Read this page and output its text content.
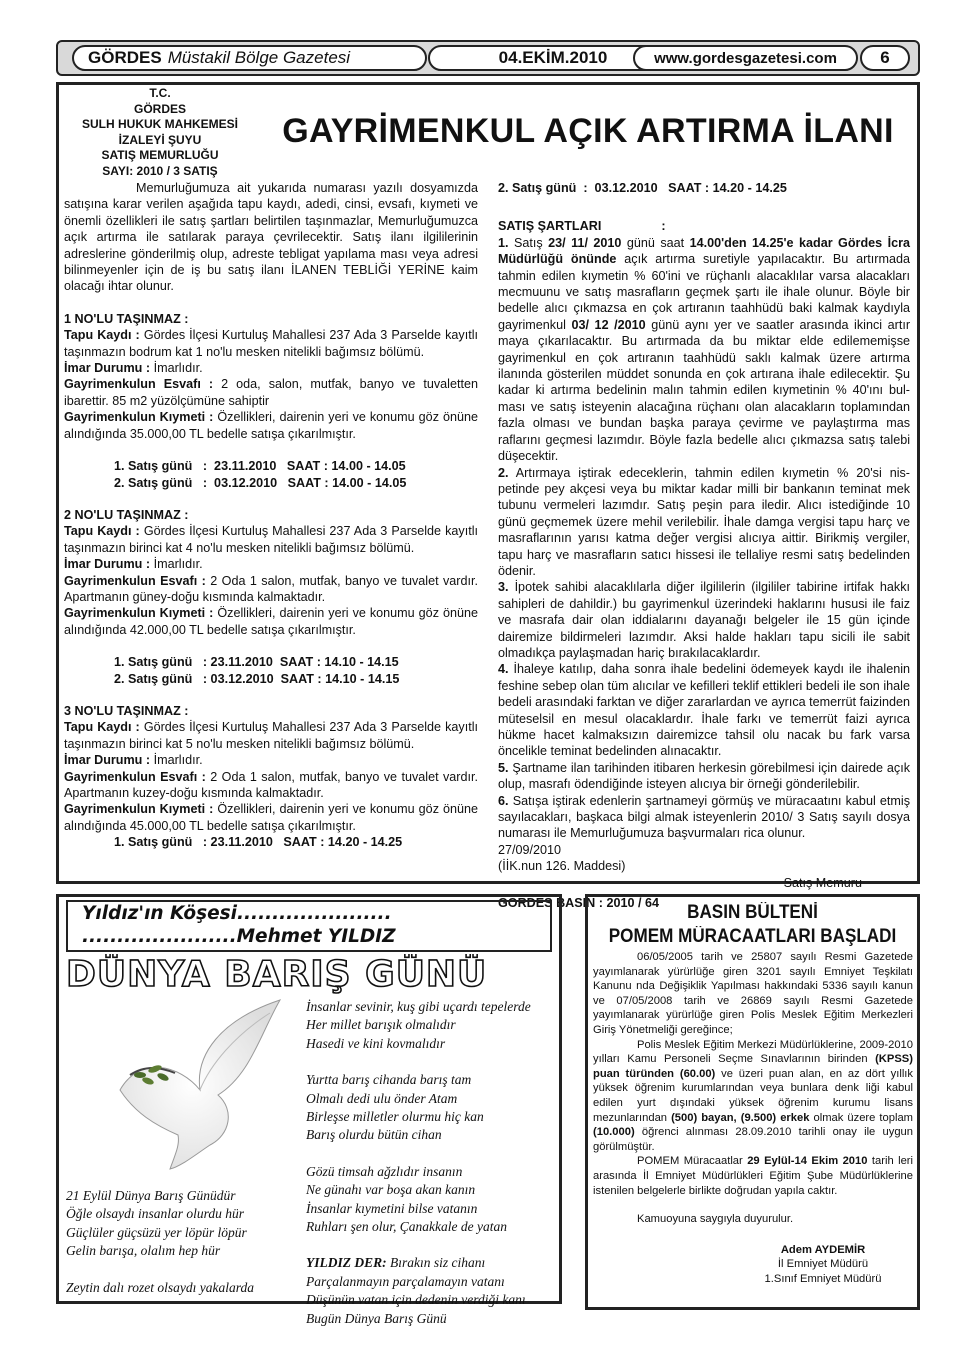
GÖRDES Müstakil Bölge Gazetesi	04.EKİM.2010	www.gordesgazetesi.com	6
T.C.
GÖRDES
SULH HUKUK MAHKEMESİ
İZALEYİ ŞUYU
SATIŞ MEMURLUĞU
SAYI: 2010 / 3 SATIŞ
GAYRİMENKUL AÇIK ARTIRMA İLANI

Memurluğumuza ait yukarıda numarası yazılı dosyamızda satışına karar verilen aşağıda tapu kaydı, adedi, cinsi, evsafı, kıymeti ve önemli özellikleri ile satış şartları belirtilen taşınmazlar, Memurluğumuzca açık artırma ile satılarak paraya çevrilecektir. Satış ilanı ilgililerinin adreslerine gönderilmiş olup, adreste tebligat yapılama ması veya adresi bilinmeyenler için de iş bu satış ilanı İLANEN TEBLİĞİ YERİNE kaim olacağı ihtar olunur.

1 NO'LU TAŞINMAZ :

Tapu Kaydı : Gördes İlçesi Kurtuluş Mahallesi 237 Ada 3 Parselde kayıtlı taşınmazın bodrum kat 1 no'lu mesken nitelikli bağımsız bölümü.

İmar Durumu : İmarlıdır.

Gayrimenkulun Esvafı : 2 oda, salon, mutfak, banyo ve tuvaletten ibarettir. 85 m2 yüzölçümüne sahiptir

Gayrimenkulun Kıymeti : Özellikleri, dairenin yeri ve konumu göz önüne alındığında 35.000,00 TL bedelle satışa çıkarılmıştır.

1. Satış günü   :  23.11.2010   SAAT : 14.00 - 14.05

2. Satış günü   :  03.12.2010   SAAT : 14.00 - 14.05

2 NO'LU TAŞINMAZ :

Tapu Kaydı : Gördes İlçesi Kurtuluş Mahallesi 237 Ada 3 Parselde kayıtlı taşınmazın birinci kat 4 no'lu mesken nitelikli bağımsız bölümü.

İmar Durumu : İmarlıdır.

Gayrimenkulun Esvafı : 2 Oda 1 salon, mutfak, banyo ve tuvalet vardır. Apartmanın güney-doğu kısmında kalmaktadır.

Gayrimenkulun Kıymeti : Özellikleri, dairenin yeri ve konumu göz önüne alındığında 42.000,00 TL bedelle satışa çıkarılmıştır.

1. Satış günü   : 23.11.2010  SAAT : 14.10 - 14.15

2. Satış günü   : 03.12.2010  SAAT : 14.10 - 14.15

3 NO'LU TAŞINMAZ :

Tapu Kaydı : Gördes İlçesi Kurtuluş Mahallesi 237 Ada 3 Parselde kayıtlı taşınmazın birinci kat 5 no'lu mesken nitelikli bağımsız bölümü.

İmar Durumu : İmarlıdır.

Gayrimenkulun Esvafı : 2 Oda 1 salon, mutfak, banyo ve tuvalet vardır. Apartmanın kuzey-doğu kısmında kalmaktadır.

Gayrimenkulun Kıymeti : Özellikleri, dairenin yeri ve konumu göz önüne alındığında 45.000,00 TL bedelle satışa çıkarılmıştır.

1. Satış günü   : 23.11.2010   SAAT : 14.20 - 14.25

2. Satış günü  :  03.12.2010   SAAT : 14.20 - 14.25

SATIŞ ŞARTLARI	:

1. Satış 23/ 11/ 2010 günü saat 14.00'den 14.25'e kadar Gördes İcra Müdürlüğü önünde açık artırma suretiyle yapılacaktır. Bu artırmada tahmin edilen kıymetin % 60'ini ve rüçhanlı alacaklılar varsa alacakları mecmuunu ve satış masrafların geçmek şartı ile ihale olunur. Böyle bir bedelle alıcı çıkmazsa en çok artıranın taahhüdü baki kalmak kaydıyla gayrimenkul 03/ 12 /2010 günü aynı yer ve saatler arasında ikinci artır maya çıkarılacaktır. Bu artırmada da bu miktar elde edilememişse gayrimenkul en çok artıranın taahhüdü saklı kalmak üzere artırma ilanında gösterilen müddet sonunda en çok artırana ihale edilecektir. Şu kadar ki artırma bedelinin malın tahmin edilen kıymetinin % 40'ını bul- ması ve satış isteyenin alacağına rüçhanı olan alacakların toplamından fazla olması ve bundan başka paraya çevirme ve paylaştırma mas raflarını geçmesi lazımdır. Böyle fazla bedelle alıcı çıkmazsa satış talebi düşecektir.

2. Artırmaya iştirak edeceklerin, tahmin edilen kıymetin % 20'si nis- petinde pey akçesi veya bu miktar kadar milli bir bankanın teminat mek tubunu vermeleri lazımdır. Satış peşin para iledir. Alıcı istediğinde 10 günü geçmemek üzere mehil verilebilir. İhale damga vergisi tapu harç ve masraflarının yarısı katma değer vergisi alıcıya aittir. Birikmiş vergiler, tapu harç ve masrafların satıcı hissesi ile tellaliye resmi satış bedelinden ödenir.

3. İpotek sahibi alacaklılarla diğer ilgililerin (ilgililer tabirine irtifak hakkı sahipleri de dahildir.) bu gayrimenkul üzerindeki haklarını hususi ile faiz ve masrafa dair olan iddialarını dayanağı belgeler ile 15 gün içinde dairemize bildirmeleri lazımdır. Aksi halde hakları tapu sicili ile sabit olmadıkça paylaşmadan hariç bırakılacaklardır.

4. İhaleye katılıp, daha sonra ihale bedelini ödemeyek kaydı ile ihalenin feshine sebep olan tüm alıcılar ve kefilleri teklif ettikleri bedeli ile son ihale bedeli arasındaki farktan ve diğer zararlardan ve ayrıca temerrüt faizinden müteselsil en mesul olacaklardır. İhale farkı ve temerrüt faizi ayrıca hükme hacet kalmaksızın dairemizce tahsil olu nacak bu fark varsa öncelikle teminat bedelinden alınacaktır.

5. Şartname ilan tarihinden itibaren herkesin görebilmesi için dairede açık olup, masrafı ödendiğinde isteyen alıcıya bir örneği gönderilebilir.

6. Satışa iştirak edenlerin şartnameyi görmüş ve müracaatını kabul etmiş sayılacakları, başkaca bilgi almak isteyenlerin 2010/ 3 Satış sayılı dosya numarası ile Memurluğumuza başvurmaları rica olunur.

27/09/2010

(İİK.nun 126. Maddesi)

Satış Memuru

GÖRDES BASIN : 2010 / 64

Yıldız'ın Köşesi......................
......................Mehmet YILDIZ
DÜNYA BARIŞ GÜNÜ

İnsanlar sevinir, kuş gibi uçardı tepelerde

Her millet barışık olmalıdır

Hasedi ve kini kovmalıdır

Yurtta barış cihanda barış tam

Olmalı dedi ulu önder Atam

Birleşse milletler olurmu hiç kan

Barış olurdu bütün cihan

Gözü timsah ağzlıdır insanın

Ne günahı var boşa akan kanın

İnsanlar kıymetini bilse vatanın

Ruhları şen olur, Çanakkale de yatan

YILDIZ DER: Bırakın siz cihanı

Parçalanmayın parçalamayın vatanı

Düşünün vatan için dedenin verdiği kanı

Bugün Dünya Barış Günü

21 Eylül Dünya Barış Günüdür

Öğle olsaydı insanlar olurdu hür

Güçlüler güçsüzü yer löpür löpür

Gelin barışa, olalım hep hür

Zeytin dalı rozet olsaydı yakalarda

BASIN BÜLTENİ
POMEM MÜRACAATLARI BAŞLADI

06/05/2005 tarih ve 25807 sayılı Resmi Gazetede yayımlanarak yürürlüğe giren 3201 sayılı Emniyet Teşkilatı Kanunu nda Değişiklik Yapılması hakkındaki 5336 sayılı kanun ve 07/05/2008 tarih ve 26869 sayılı Resmi Gazetede yayımlanarak yürürlüğe giren Polis Meslek Eğitim Merkezleri Giriş Yönetmeliği gereğince;

Polis Meslek Eğitim Merkezi Müdürlüklerine, 2009-2010 yılları Kamu Personeli Seçme Sınavlarının birinden (KPSS) puan türünden (60.00) ve üzeri puan alan, en az dört yıllık yüksek öğrenim kurumlarından veya bunlara denk liği kabul edilen yurt dışındaki yüksek öğrenim kurumu lisans mezunlarından (500) bayan, (9.500) erkek olmak üzere toplam (10.000) öğrenci alınması 28.09.2010 tarihli onay ile uygun görülmüştür.

POMEM Müracaatlar 29 Eylül-14 Ekim 2010 tarih leri arasında İl Emniyet Müdürlükleri Eğitim Şube Müdürlüklerine istenilen belgelerle birlikte doğrudan yapıla caktır.

Kamuoyuna saygıyla duyurulur.

Adem AYDEMİR
İl Emniyet Müdürü
1.Sınıf Emniyet Müdürü
